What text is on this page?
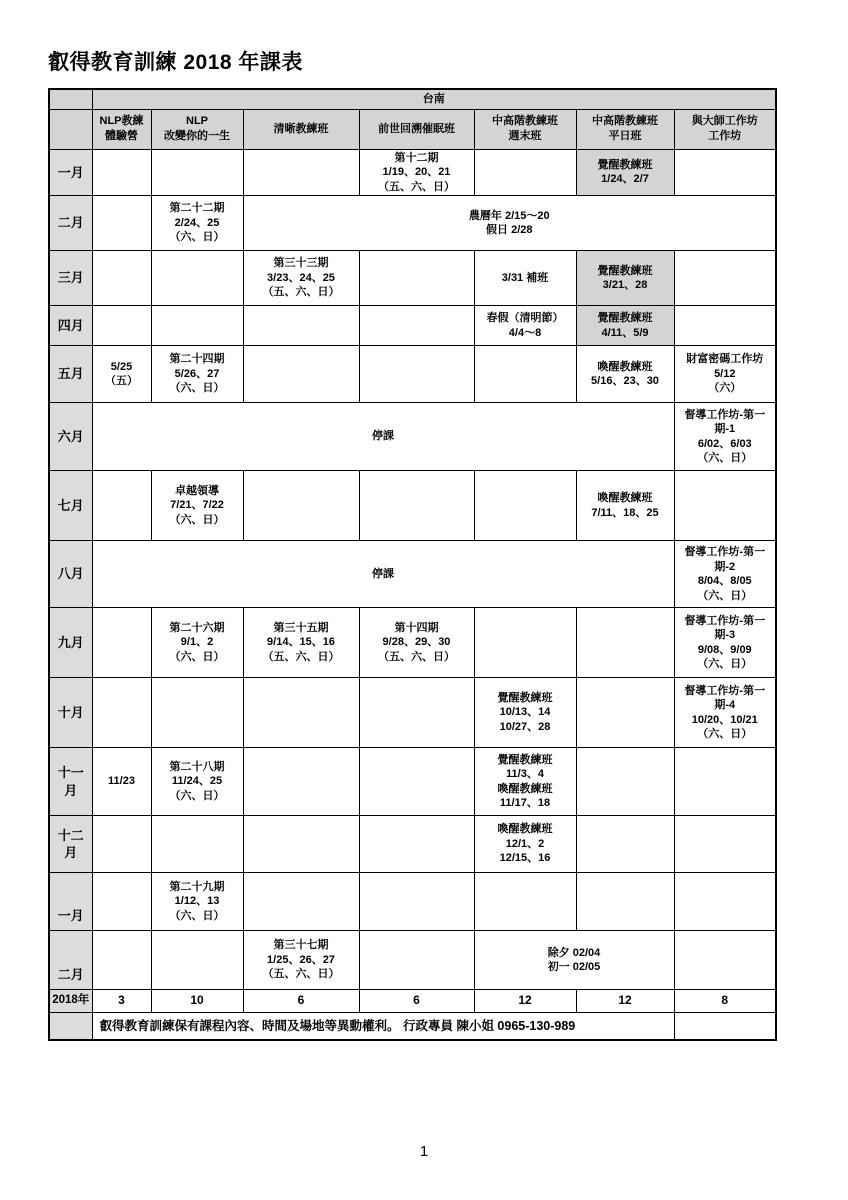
叡得教育訓練 2018 年課表
	台南						
	NLP教練
體驗營	NLP
改變你的一生	清晰教練班	前世回溯催眠班	中高階教練班
週末班	中高階教練班
平日班	與大師工作坊
工作坊
一月				第十二期
1/19、20、21
（五、六、日）		覺醒教練班
1/24、2/7	
二月		第二十二期
2/24、25
（六、日）	農曆年 2/15～20
假日 2/28				
三月			第三十三期
3/23、24、25
（五、六、日）		3/31 補班	覺醒教練班
3/21、28	
四月					春假（清明節）
4/4～8	覺醒教練班
4/11、5/9	
五月	5/25
（五）	第二十四期
5/26、27
（六、日）				喚醒教練班
5/16、23、30	財富密碼工作坊
5/12
（六）
六月	停課						督導工作坊-第一期-1
6/02、6/03
（六、日）
七月		卓越領導
7/21、7/22
（六、日）				喚醒教練班
7/11、18、25	
八月	停課						督導工作坊-第一期-2
8/04、8/05
（六、日）
九月		第二十六期
9/1、2
（六、日）	第三十五期
9/14、15、16
（五、六、日）	第十四期
9/28、29、30
（五、六、日）			督導工作坊-第一期-3
9/08、9/09
（六、日）
十月					覺醒教練班
10/13、14
10/27、28		督導工作坊-第一期-4
10/20、10/21
（六、日）
十一月	11/23	第二十八期
11/24、25
（六、日）			覺醒教練班
11/3、4
喚醒教練班
11/17、18		
十二月					喚醒教練班
12/1、2
12/15、16		
一月		第二十九期
1/12、13
（六、日）					
二月			第三十七期
1/25、26、27
（五、六、日）		除夕 02/04
初一 02/05		
2018年	3	10	6	6	12	12	8
	叡得教育訓練保有課程內容、時間及場地等異動權利。 行政專員 陳小姐 0965-130-989						
1
